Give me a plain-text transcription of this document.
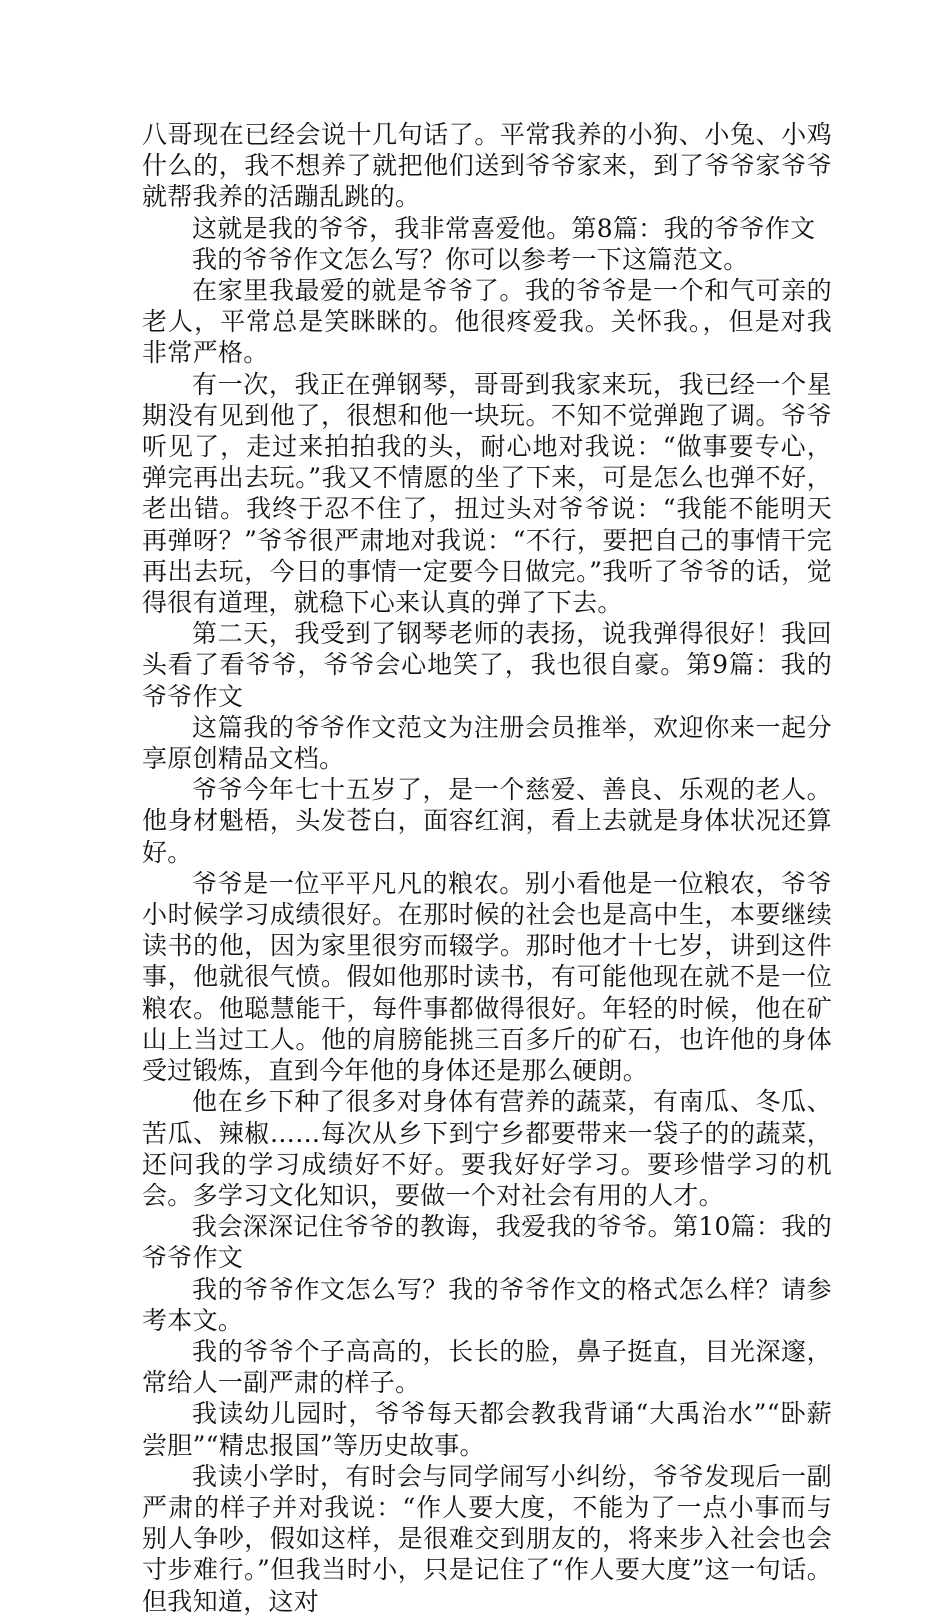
八哥现在已经会说十几句话了。平常我养的小狗、小兔、小鸡什么的，我不想养了就把他们送到爷爷家来，到了爷爷家爷爷就帮我养的活蹦乱跳的。

这就是我的爷爷，我非常喜爱他。第8篇：我的爷爷作文

我的爷爷作文怎么写？你可以参考一下这篇范文。

在家里我最爱的就是爷爷了。我的爷爷是一个和气可亲的老人，平常总是笑眯眯的。他很疼爱我。关怀我。，但是对我非常严格。

有一次，我正在弹钢琴，哥哥到我家来玩，我已经一个星期没有见到他了，很想和他一块玩。不知不觉弹跑了调。爷爷听见了，走过来拍拍我的头，耐心地对我说：“做事要专心，弹完再出去玩。”我又不情愿的坐了下来，可是怎么也弹不好，老出错。我终于忍不住了，扭过头对爷爷说：“我能不能明天再弹呀？”爷爷很严肃地对我说：“不行，要把自己的事情干完再出去玩，今日的事情一定要今日做完。”我听了爷爷的话，觉得很有道理，就稳下心来认真的弹了下去。

第二天，我受到了钢琴老师的表扬，说我弹得很好！我回头看了看爷爷，爷爷会心地笑了，我也很自豪。第9篇：我的爷爷作文

这篇我的爷爷作文范文为注册会员推举，欢迎你来一起分享原创精品文档。

爷爷今年七十五岁了，是一个慈爱、善良、乐观的老人。他身材魁梧，头发苍白，面容红润，看上去就是身体状况还算好。

爷爷是一位平平凡凡的粮农。别小看他是一位粮农，爷爷小时候学习成绩很好。在那时候的社会也是高中生，本要继续读书的他，因为家里很穷而辍学。那时他才十七岁，讲到这件事，他就很气愤。假如他那时读书，有可能他现在就不是一位粮农。他聪慧能干，每件事都做得很好。年轻的时候，他在矿山上当过工人。他的肩膀能挑三百多斤的矿石，也许他的身体受过锻炼，直到今年他的身体还是那么硬朗。

他在乡下种了很多对身体有营养的蔬菜，有南瓜、冬瓜、苦瓜、辣椒……每次从乡下到宁乡都要带来一袋子的的蔬菜，还问我的学习成绩好不好。要我好好学习。要珍惜学习的机会。多学习文化知识，要做一个对社会有用的人才。

我会深深记住爷爷的教诲，我爱我的爷爷。第10篇：我的爷爷作文

我的爷爷作文怎么写？我的爷爷作文的格式怎么样？请参考本文。

我的爷爷个子高高的，长长的脸，鼻子挺直，目光深邃，常给人一副严肃的样子。

我读幼儿园时，爷爷每天都会教我背诵“大禹治水”“卧薪尝胆”“精忠报国”等历史故事。

我读小学时，有时会与同学闹写小纠纷，爷爷发现后一副严肃的样子并对我说：“作人要大度，不能为了一点小事而与别人争吵，假如这样，是很难交到朋友的，将来步入社会也会寸步难行。”但我当时小，只是记住了“作人要大度”这一句话。但我知道，这对
